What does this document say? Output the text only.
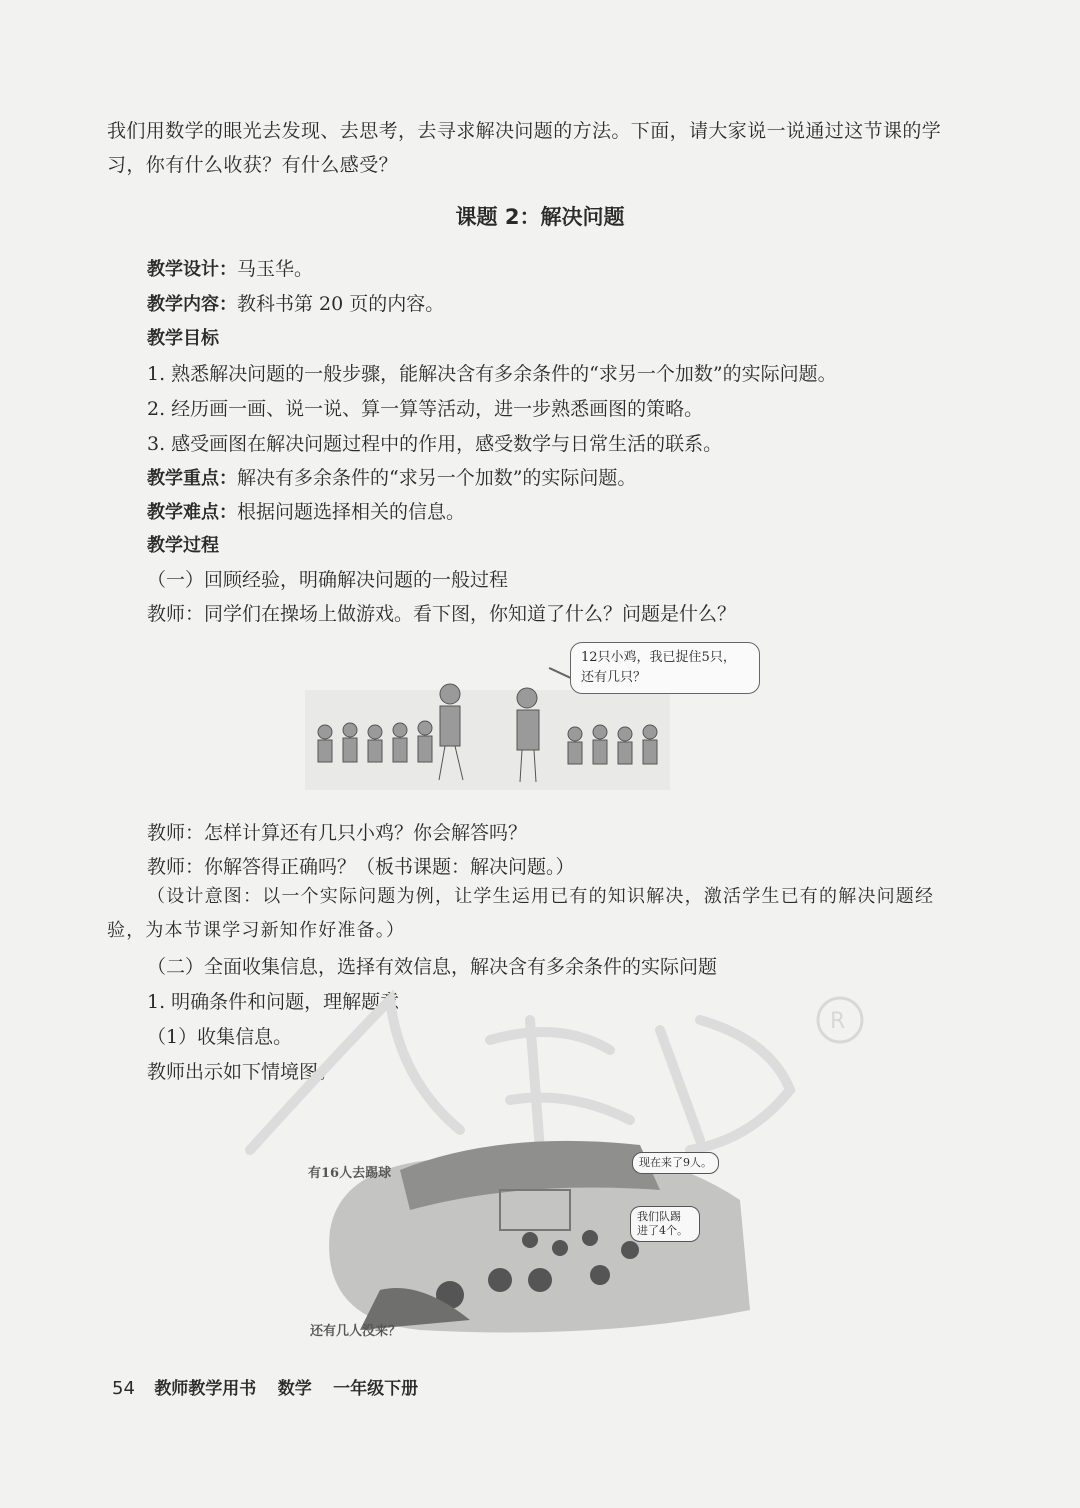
我们用数学的眼光去发现、去思考，去寻求解决问题的方法。下面，请大家说一说通过这节课的学习，你有什么收获？有什么感受？
课题 2：解决问题
教学设计：马玉华。
教学内容：教科书第 20 页的内容。
教学目标
1. 熟悉解决问题的一般步骤，能解决含有多余条件的“求另一个加数”的实际问题。
2. 经历画一画、说一说、算一算等活动，进一步熟悉画图的策略。
3. 感受画图在解决问题过程中的作用，感受数学与日常生活的联系。
教学重点：解决有多余条件的“求另一个加数”的实际问题。
教学难点：根据问题选择相关的信息。
教学过程
（一）回顾经验，明确解决问题的一般过程
教师：同学们在操场上做游戏。看下图，你知道了什么？问题是什么？
12只小鸡，我已捉住5只，
还有几只？
教师：怎样计算还有几只小鸡？你会解答吗？
教师：你解答得正确吗？（板书课题：解决问题。）
（设计意图：以一个实际问题为例，让学生运用已有的知识解决，激活学生已有的解决问题经验，为本节课学习新知作好准备。）
（二）全面收集信息，选择有效信息，解决含有多余条件的实际问题
1. 明确条件和问题，理解题意
（1）收集信息。
教师出示如下情境图。
R
有16人去踢球
现在来了9人。
我们队踢
进了4个。
还有几人没来？
54 教师教学用书 数学 一年级下册
